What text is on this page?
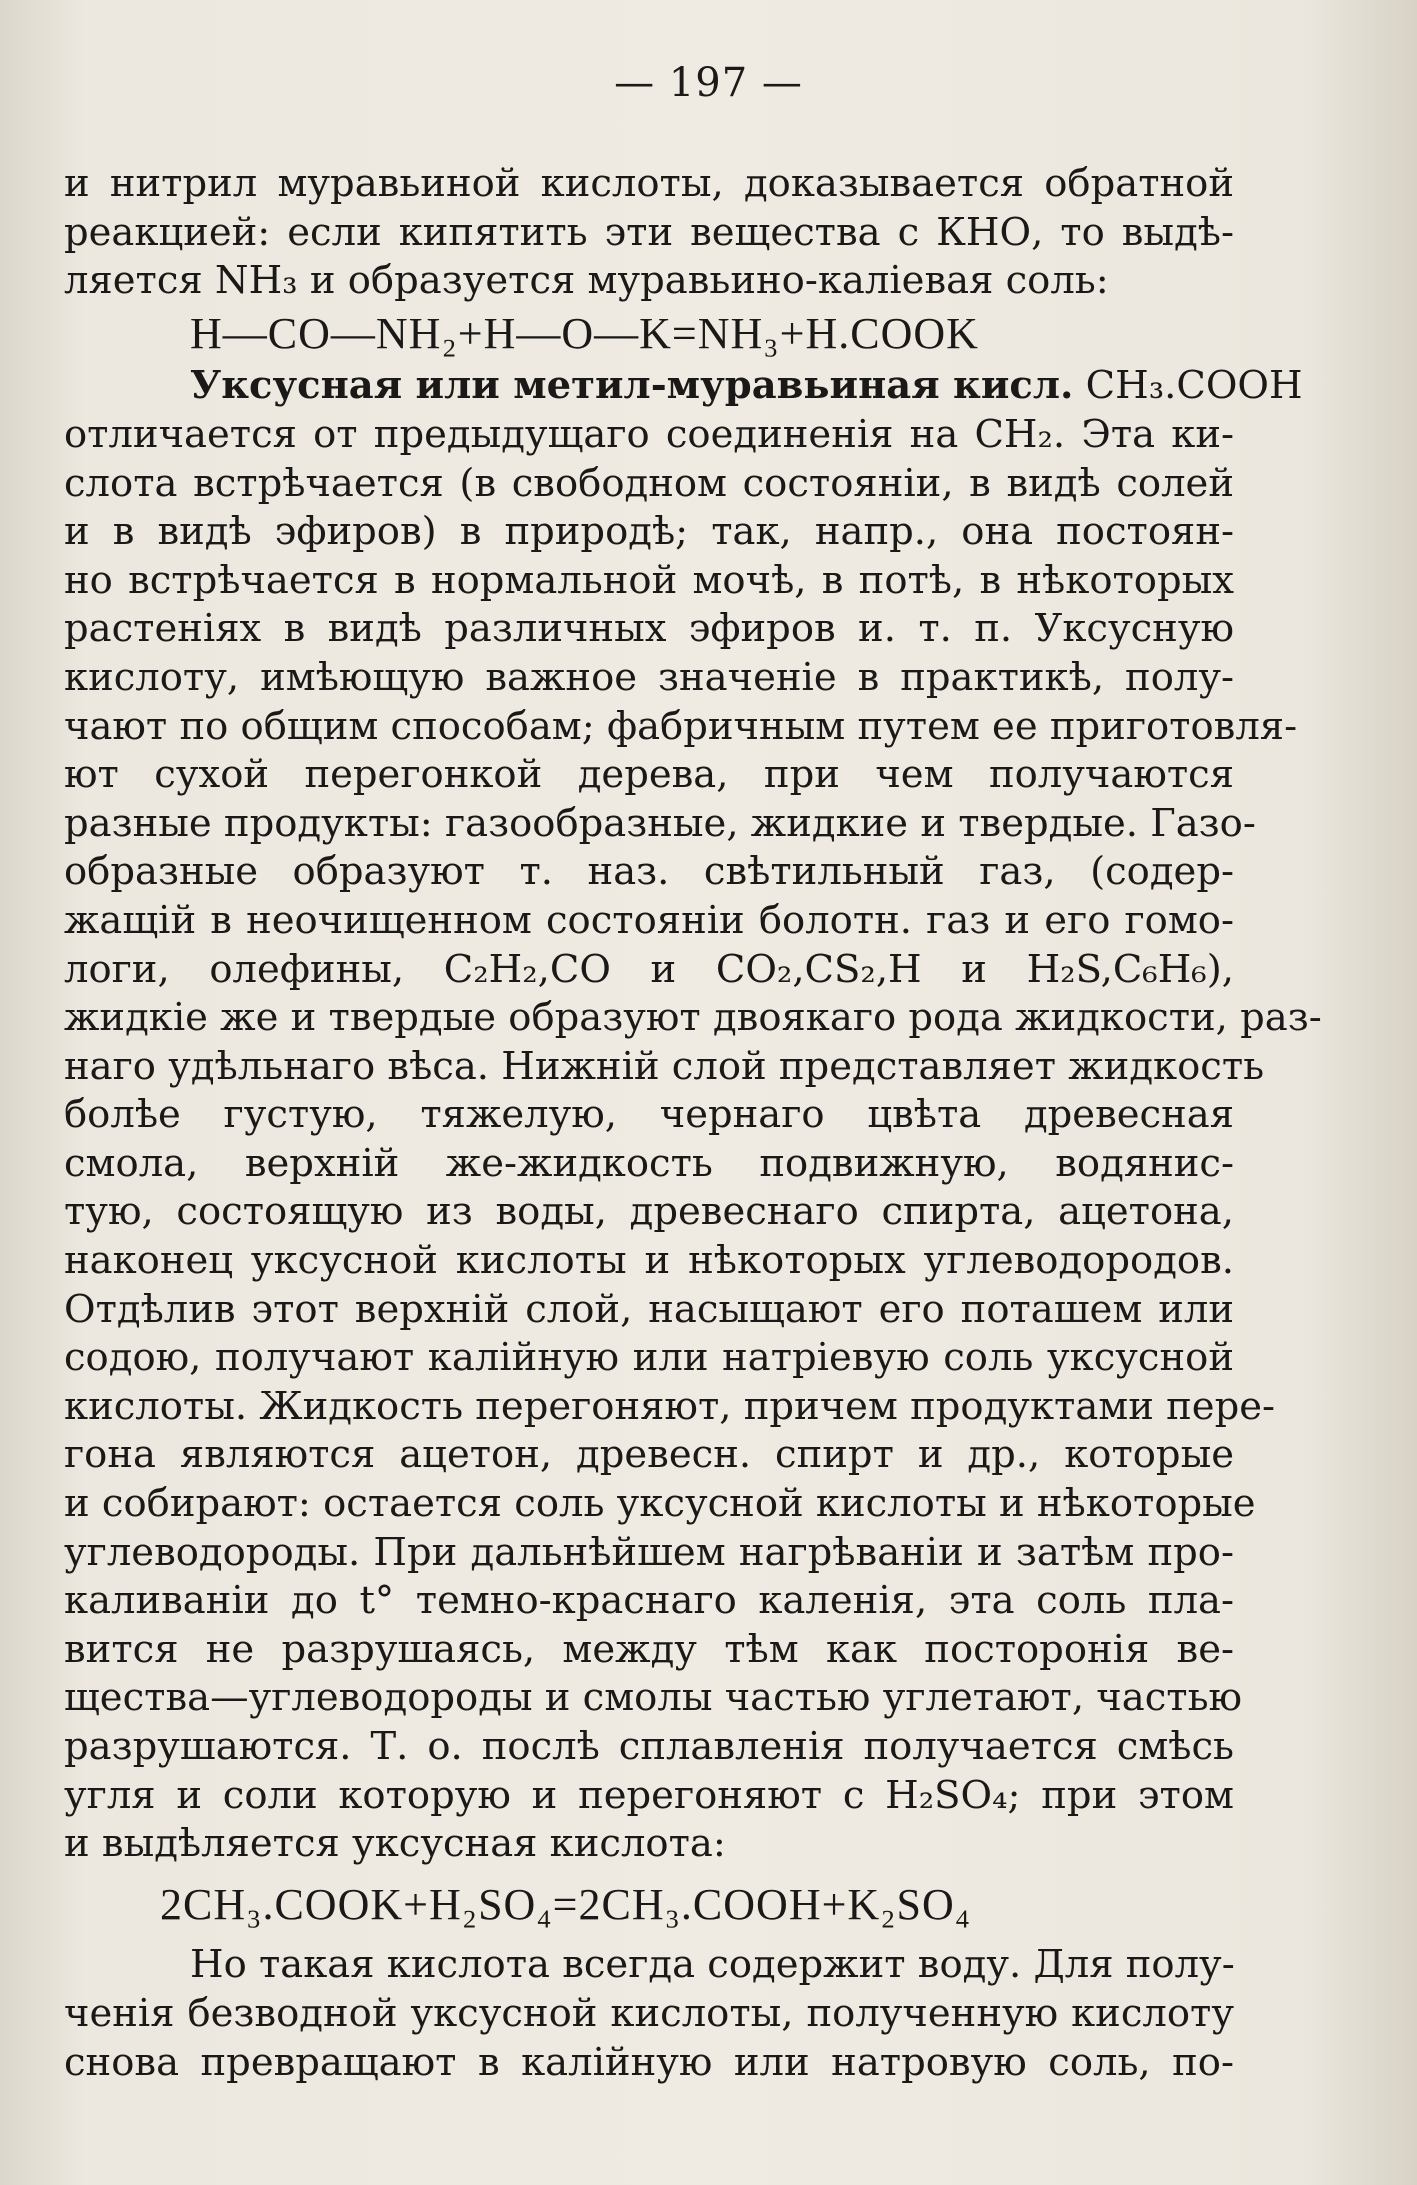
— 197 —
и нитрил муравьиной кислоты, доказывается обратной
реакцией: если кипятить эти вещества с КНО, то выдѣ-
ляется NH₃ и образуется муравьино-каліевая соль:
H—CO—NH₂+H—O—K=NH₃+H.COOK
Уксусная или метил-муравьиная кисл. CH₃.COOH
отличается от предыдущаго соединенія на CH₂. Эта ки-
слота встрѣчается (в свободном состояніи, в видѣ солей
и в видѣ эфиров) в природѣ; так, напр., она постоян-
но встрѣчается в нормальной мочѣ, в потѣ, в нѣкоторых
растеніях в видѣ различных эфиров и. т. п. Уксусную
кислоту, имѣющую важное значеніе в практикѣ, полу-
чают по общим способам; фабричным путем ее приготовля-
ют сухой перегонкой дерева, при чем получаются
разные продукты: газообразные, жидкие и твердые. Газо-
образные образуют т. наз. свѣтильный газ, (содер-
жащій в неочищенном состояніи болотн. газ и его гомо-
логи, олефины, C₂H₂,CO и CO₂,CS₂,H и H₂S,C₆H₆),
жидкіе же и твердые образуют двоякаго рода жидкости, раз-
наго удѣльнаго вѣса. Нижній слой представляет жидкость
болѣе густую, тяжелую, чернаго цвѣта древесная
смола, верхній же-жидкость подвижную, водянис-
тую, состоящую из воды, древеснаго спирта, ацетона,
наконец уксусной кислоты и нѣкоторых углеводородов.
Отдѣлив этот верхній слой, насыщают его поташем или
содою, получают калійную или натріевую соль уксусной
кислоты. Жидкость перегоняют, причем продуктами пере-
гона являются ацетон, древесн. спирт и др., которые
и собирают: остается соль уксусной кислоты и нѣкоторые
углеводороды. При дальнѣйшем нагрѣваніи и затѣм про-
каливаніи до t° темно-краснаго каленія, эта соль пла-
вится не разрушаясь, между тѣм как посторонія ве-
щества—углеводороды и смолы частью углетают, частью
разрушаются. Т. о. послѣ сплавленія получается смѣсь
угля и соли которую и перегоняют с H₂SO₄; при этом
и выдѣляется уксусная кислота:
2CH₃.COOK+H₂SO₄=2CH₃.COOH+K₂SO₄
Но такая кислота всегда содержит воду. Для полу-
ченія безводной уксусной кислоты, полученную кислоту
снова превращают в калійную или натровую соль, по-
